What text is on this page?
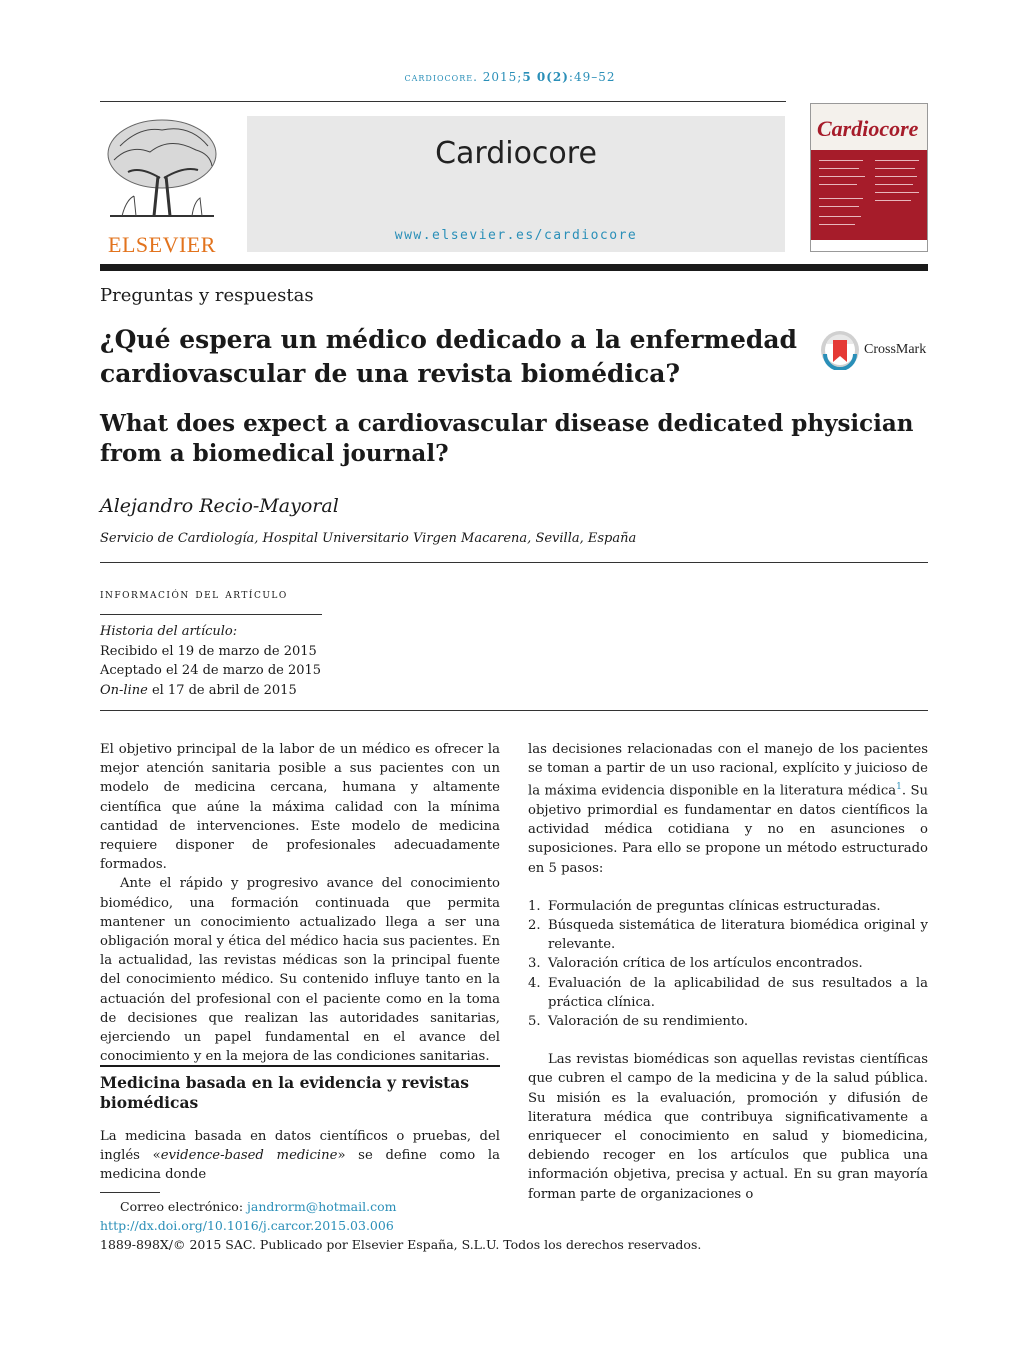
cardiocore. 2015;5 0(2):49–52
ELSEVIER
Cardiocore
www.elsevier.es/cardiocore
Cardiocore
Preguntas y respuestas
¿Qué espera un médico dedicado a la enfermedad cardiovascular de una revista biomédica?
CrossMark
What does expect a cardiovascular disease dedicated physician from a biomedical journal?
Alejandro Recio-Mayoral
Servicio de Cardiología, Hospital Universitario Virgen Macarena, Sevilla, España
información del artículo
Historia del artículo:
Recibido el 19 de marzo de 2015
Aceptado el 24 de marzo de 2015
On-line el 17 de abril de 2015

El objetivo principal de la labor de un médico es ofrecer la mejor atención sanitaria posible a sus pacientes con un modelo de medicina cercana, humana y altamente científica que aúne la máxima calidad con la mínima cantidad de intervenciones. Este modelo de medicina requiere disponer de profesionales adecuadamente formados.

Ante el rápido y progresivo avance del conocimiento biomédico, una formación continuada que permita mantener un conocimiento actualizado llega a ser una obligación moral y ética del médico hacia sus pacientes. En la actualidad, las revistas médicas son la principal fuente del conocimiento médico. Su contenido influye tanto en la actuación del profesional con el paciente como en la toma de decisiones que realizan las autoridades sanitarias, ejerciendo un papel fundamental en el avance del conocimiento y en la mejora de las condiciones sanitarias.

Medicina basada en la evidencia y revistas biomédicas
La medicina basada en datos científicos o pruebas, del inglés «evidence-based medicine» se define como la medicina donde

las decisiones relacionadas con el manejo de los pacientes se toman a partir de un uso racional, explícito y juicioso de la máxima evidencia disponible en la literatura médica$^1$. Su objetivo primordial es fundamentar en datos científicos la actividad médica cotidiana y no en asunciones o suposiciones. Para ello se propone un método estructurado en 5 pasos:

1. Formulación de preguntas clínicas estructuradas.
2. Búsqueda sistemática de literatura biomédica original y relevante.
3. Valoración crítica de los artículos encontrados.
4. Evaluación de la aplicabilidad de sus resultados a la práctica clínica.
5. Valoración de su rendimiento.

Las revistas biomédicas son aquellas revistas científicas que cubren el campo de la medicina y de la salud pública. Su misión es la evaluación, promoción y difusión de literatura médica que contribuya significativamente a enriquecer el conocimiento en salud y biomedicina, debiendo recoger en los artículos que publica una información objetiva, precisa y actual. En su gran mayoría forman parte de organizaciones o

Correo electrónico: jandrorm@hotmail.com
http://dx.doi.org/10.1016/j.carcor.2015.03.006
1889-898X/© 2015 SAC. Publicado por Elsevier España, S.L.U. Todos los derechos reservados.
